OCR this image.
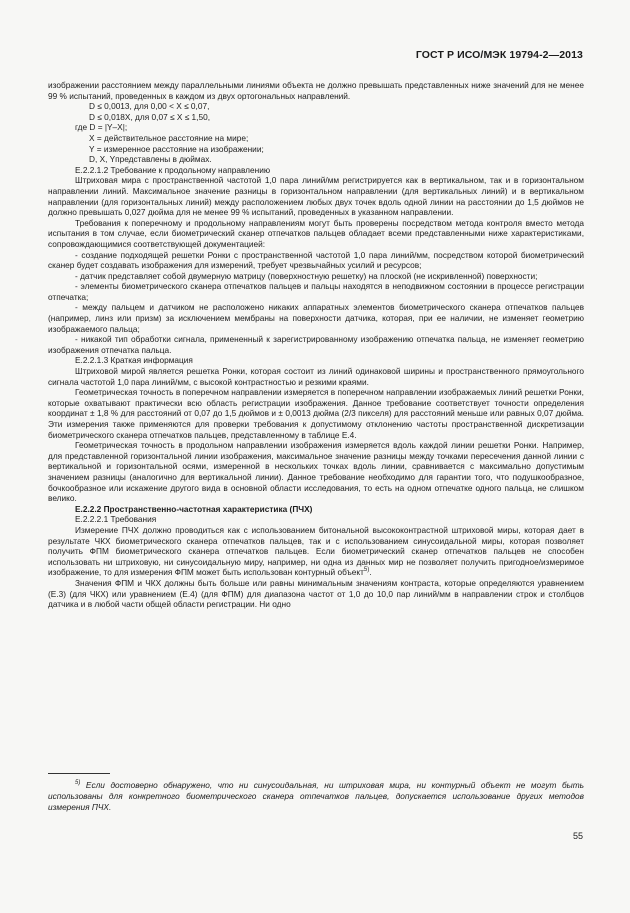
ГОСТ Р ИСО/МЭК 19794-2—2013

изображении расстоянием между параллельными линиями объекта не должно превышать представленных ниже значений для не менее 99 % испытаний, проведенных в каждом из двух ортогональных направлений.

D ≤ 0,0013, для 0,00 < X ≤ 0,07,

D ≤ 0,018X, для 0,07 ≤ X ≤ 1,50,

где D = |Y–X|;

X = действительное расстояние на мире;

Y = измеренное расстояние на изображении;

D, X, Yпредставлены в дюймах.

Е.2.2.1.2 Требование к продольному направлению

Штриховая мира с пространственной частотой 1,0 пара линий/мм регистрируется как в вертикальном, так и в горизонтальном направлении линий. Максимальное значение разницы в горизонтальном направлении (для вертикальных линий) и в вертикальном направлении (для горизонтальных линий) между расположением любых двух точек вдоль одной линии на расстоянии до 1,5 дюймов не должно превышать 0,027 дюйма для не менее 99 % испытаний, проведенных в указанном направлении.

Требования к поперечному и продольному направлениям могут быть проверены посредством метода контроля вместо метода испытания в том случае, если биометрический сканер отпечатков пальцев обладает всеми представленными ниже характеристиками, сопровождающимися соответствующей документацией:

- создание подходящей решетки Ронки с пространственной частотой 1,0 пара линий/мм, посредством которой биометрический сканер будет создавать изображения для измерений, требует чрезвычайных усилий и ресурсов;

- датчик представляет собой двумерную матрицу (поверхностную решетку) на плоской (не искривленной) поверхности;

- элементы биометрического сканера отпечатков пальцев и пальцы находятся в неподвижном состоянии в процессе регистрации отпечатка;

- между пальцем и датчиком не расположено никаких аппаратных элементов биометрического сканера отпечатков пальцев (например, линз или призм) за исключением мембраны на поверхности датчика, которая, при ее наличии, не изменяет геометрию изображаемого пальца;

- никакой тип обработки сигнала, примененный к зарегистрированному изображению отпечатка пальца, не изменяет геометрию изображения отпечатка пальца.

Е.2.2.1.3 Краткая информация

Штриховой мирой является решетка Ронки, которая состоит из линий одинаковой ширины и пространственного прямоугольного сигнала частотой 1,0 пара линий/мм, с высокой контрастностью и резкими краями.

Геометрическая точность в поперечном направлении измеряется в поперечном направлении изображаемых линий решетки Ронки, которые охватывают практически всю область регистрации изображения. Данное требование соответствует точности определения координат ± 1,8 % для расстояний от 0,07 до 1,5 дюймов и ± 0,0013 дюйма (2/3 пикселя) для расстояний меньше или равных 0,07 дюйма. Эти измерения также применяются для проверки требования к допустимому отклонению частоты пространственной дискретизации биометрического сканера отпечатков пальцев, представленному в таблице Е.4.

Геометрическая точность в продольном направлении изображения измеряется вдоль каждой линии решетки Ронки. Например, для представленной горизонтальной линии изображения, максимальное значение разницы между точками пересечения данной линии с вертикальной и горизонтальной осями, измеренной в нескольких точках вдоль линии, сравнивается с максимально допустимым значением разницы (аналогично для вертикальной линии). Данное требование необходимо для гарантии того, что подушкообразное, бочкообразное или искажение другого вида в основной области исследования, то есть на одном отпечатке одного пальца, не слишком велико.

Е.2.2.2 Пространственно-частотная характеристика (ПЧХ)

Е.2.2.2.1 Требования

Измерение ПЧХ должно проводиться как с использованием битональной высококонтрастной штриховой миры, которая дает в результате ЧКХ биометрического сканера отпечатков пальцев, так и с использованием синусоидальной миры, которая позволяет получить ФПМ биометрического сканера отпечатков пальцев. Если биометрический сканер отпечатков пальцев не способен использовать ни штриховую, ни синусоидальную миру, например, ни одна из данных мир не позволяет получить пригодное/измеримое изображение, то для измерения ФПМ может быть использован контурный объект$^{5)}$.

Значения ФПМ и ЧКХ должны быть больше или равны минимальным значениям контраста, которые определяются уравнением (Е.3) (для ЧКХ) или уравнением (Е.4) (для ФПМ) для диапазона частот от 1,0 до 10,0 пар линий/мм в направлении строк и столбцов датчика и в любой части общей области регистрации. Ни одно

$^{5)}$ Если достоверно обнаружено, что ни синусоидальная, ни штриховая мира, ни контурный объект не могут быть использованы для конкретного биометрического сканера отпечатков пальцев, допускается использование других методов измерения ПЧХ.
55
